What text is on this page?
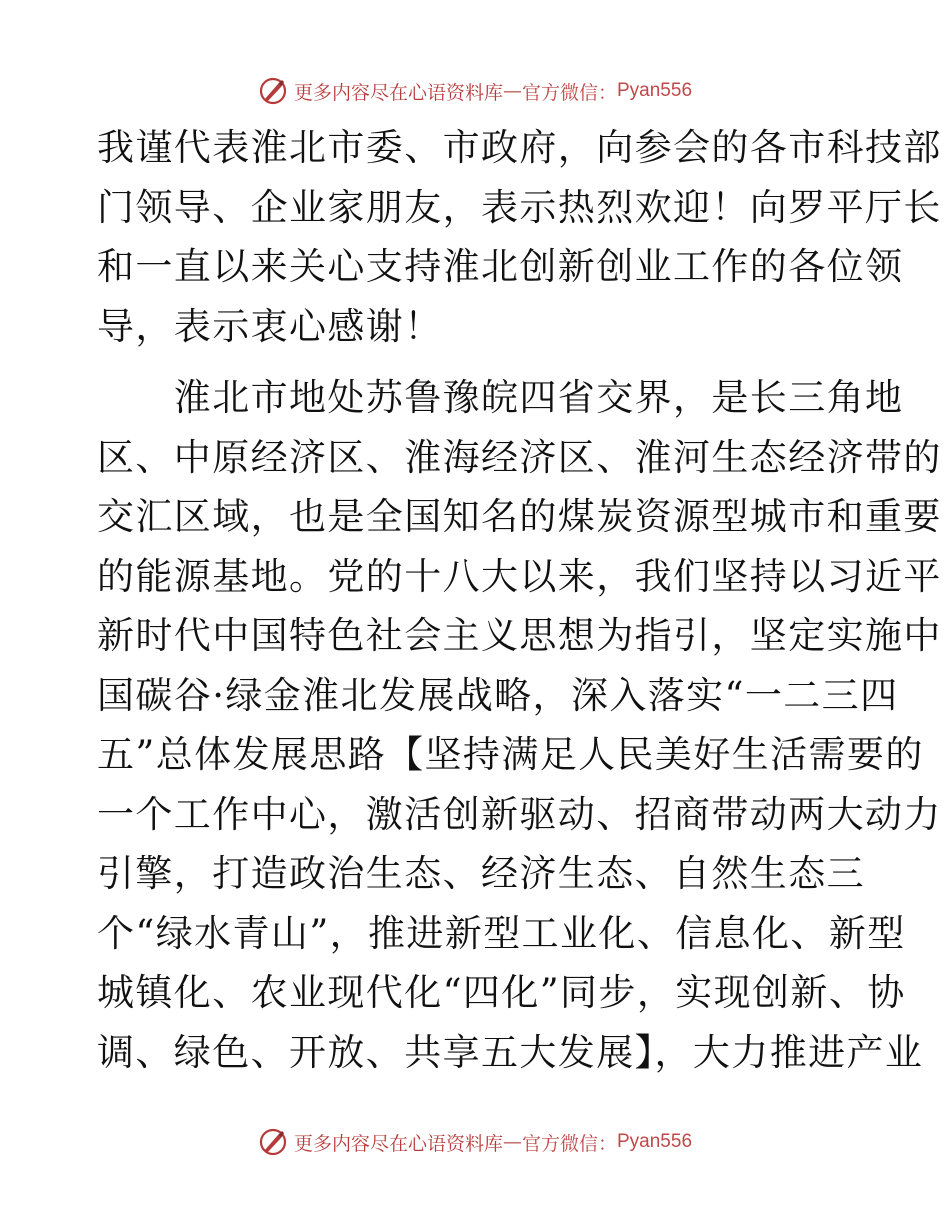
更多内容尽在心语资料库 — 官方微信： Pyan556
我谨代表淮北市委、市政府，向参会的各市科技部
门领导、企业家朋友，表示热烈欢迎！向罗平厅长
和一直以来关心支持淮北创新创业工作的各位领
导，表示衷心感谢！
　　淮北市地处苏鲁豫皖四省交界，是长三角地
区、中原经济区、淮海经济区、淮河生态经济带的
交汇区域，也是全国知名的煤炭资源型城市和重要
的能源基地。党的十八大以来，我们坚持以习近平
新时代中国特色社会主义思想为指引，坚定实施中
国碳谷·绿金淮北发展战略，深入落实“一二三四
五”总体发展思路【坚持满足人民美好生活需要的
一个工作中心，激活创新驱动、招商带动两大动力
引擎，打造政治生态、经济生态、自然生态三
个“绿水青山”，推进新型工业化、信息化、新型
城镇化、农业现代化“四化”同步，实现创新、协
调、绿色、开放、共享五大发展】，大力推进产业
更多内容尽在心语资料库 — 官方微信： Pyan556
